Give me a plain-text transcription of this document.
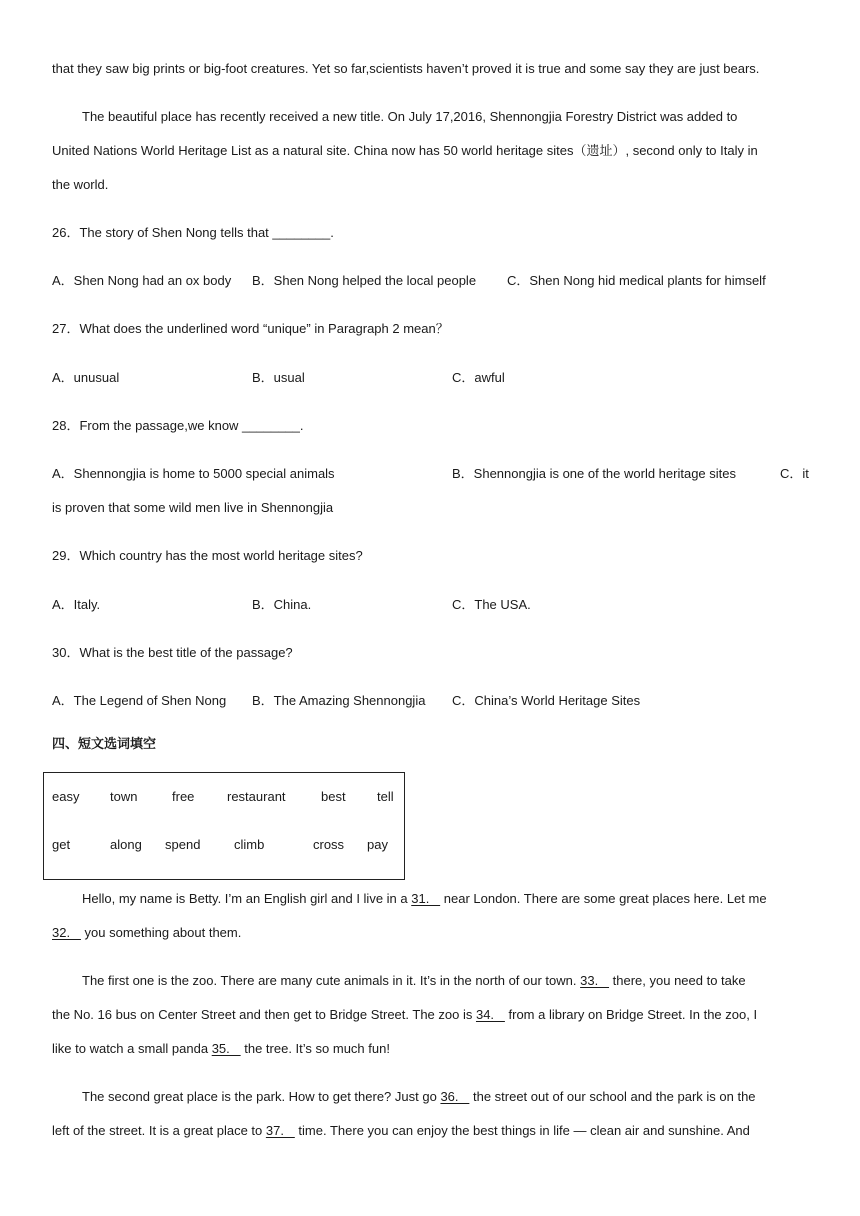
that they saw big prints or big-foot creatures. Yet so far,scientists haven’t proved it is true and some say they are just bears.
The beautiful place has recently received a new title. On July 17,2016, Shennongjia Forestry District was added to
United Nations World Heritage List as a natural site. China now has 50 world heritage sites（遗址）, second only to Italy in
the world.
26．The story of Shen Nong tells that ________.
A．Shen Nong had an ox body B．Shen Nong helped the local people C．Shen Nong hid medical plants for himself
27．What does the underlined word “unique” in Paragraph 2 mean？
A．unusual	B．usual	C．awful
28．From the passage,we know ________.
A．Shennongjia is home to 5000 special animals	B．Shennongjia is one of the world heritage sites	C．it
is proven that some wild men live in Shennongjia
29．Which country has the most world heritage sites?
A．Italy.	B．China.	C．The USA.
30．What is the best title of the passage?
A．The Legend of Shen Nong B．The Amazing Shennongjia C．China’s World Heritage Sites
四、短文选词填空
easy town	free	restaurant	best tell
get	along spend	climb	cross pay
Hello, my name is Betty. I’m an English girl and I live in a 31.    near London. There are some great places here. Let me
32.    you something about them.
The first one is the zoo. There are many cute animals in it. It’s in the north of our town. 33.    there, you need to take
the No. 16 bus on Center Street and then get to Bridge Street. The zoo is 34.    from a library on Bridge Street. In the zoo, I
like to watch a small panda 35.    the tree. It’s so much fun!
The second great place is the park. How to get there? Just go 36.    the street out of our school and the park is on the
left of the street. It is a great place to 37.    time. There you can enjoy the best things in life — clean air and sunshine. And
